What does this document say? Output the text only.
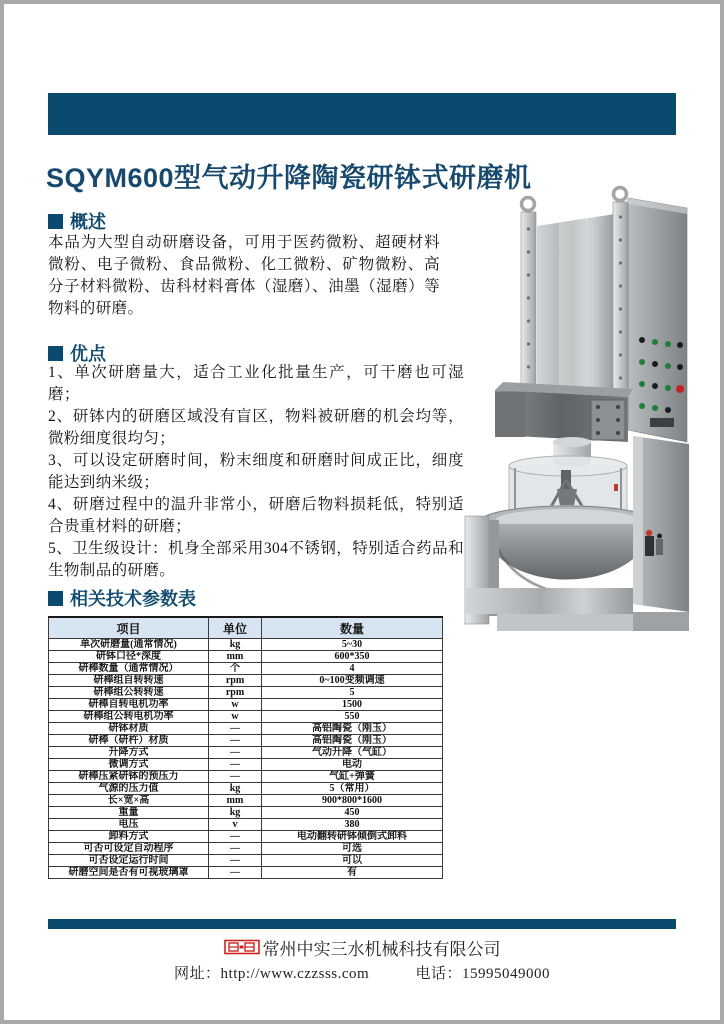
SQYM600型气动升降陶瓷研钵式研磨机
概述
本品为大型自动研磨设备，可用于医药微粉、超硬材料微粉、电子微粉、食品微粉、化工微粉、矿物微粉、高分子材料微粉、齿科材料膏体（湿磨）、油墨（湿磨）等物料的研磨。
优点
1、单次研磨量大，适合工业化批量生产，可干磨也可湿磨；
2、研钵内的研磨区域没有盲区，物料被研磨的机会均等，微粉细度很均匀；
3、可以设定研磨时间，粉末细度和研磨时间成正比，细度能达到纳米级；
4、研磨过程中的温升非常小，研磨后物料损耗低，特别适合贵重材料的研磨；
5、卫生级设计：机身全部采用304不锈钢，特别适合药品和生物制品的研磨。
相关技术参数表
项目	单位	数量
单次研磨量(通常情况)	kg	5~30
研钵口径*深度	mm	600*350
研棒数量（通常情况）	个	4
研棒组自转转速	rpm	0~100变频调速
研棒组公转转速	rpm	5
研棒自转电机功率	w	1500
研棒组公转电机功率	w	550
研钵材质	—	高铝陶瓷（刚玉）
研棒（研杵）材质	—	高铝陶瓷（刚玉）
升降方式	—	气动升降（气缸）
微调方式	—	电动
研棒压紧研钵的预压力	—	气缸+弹簧
气源的压力值	kg	5（常用）
长×宽×高	mm	900*800*1600
重量	kg	450
电压	v	380
卸料方式	—	电动翻转研钵倾倒式卸料
可否可设定自动程序	—	可选
可否设定运行时间	—	可以
研磨空间是否有可视玻璃罩	—	有
常州中实三水机械科技有限公司
网址：http://www.czzsss.com	电话：15995049000
